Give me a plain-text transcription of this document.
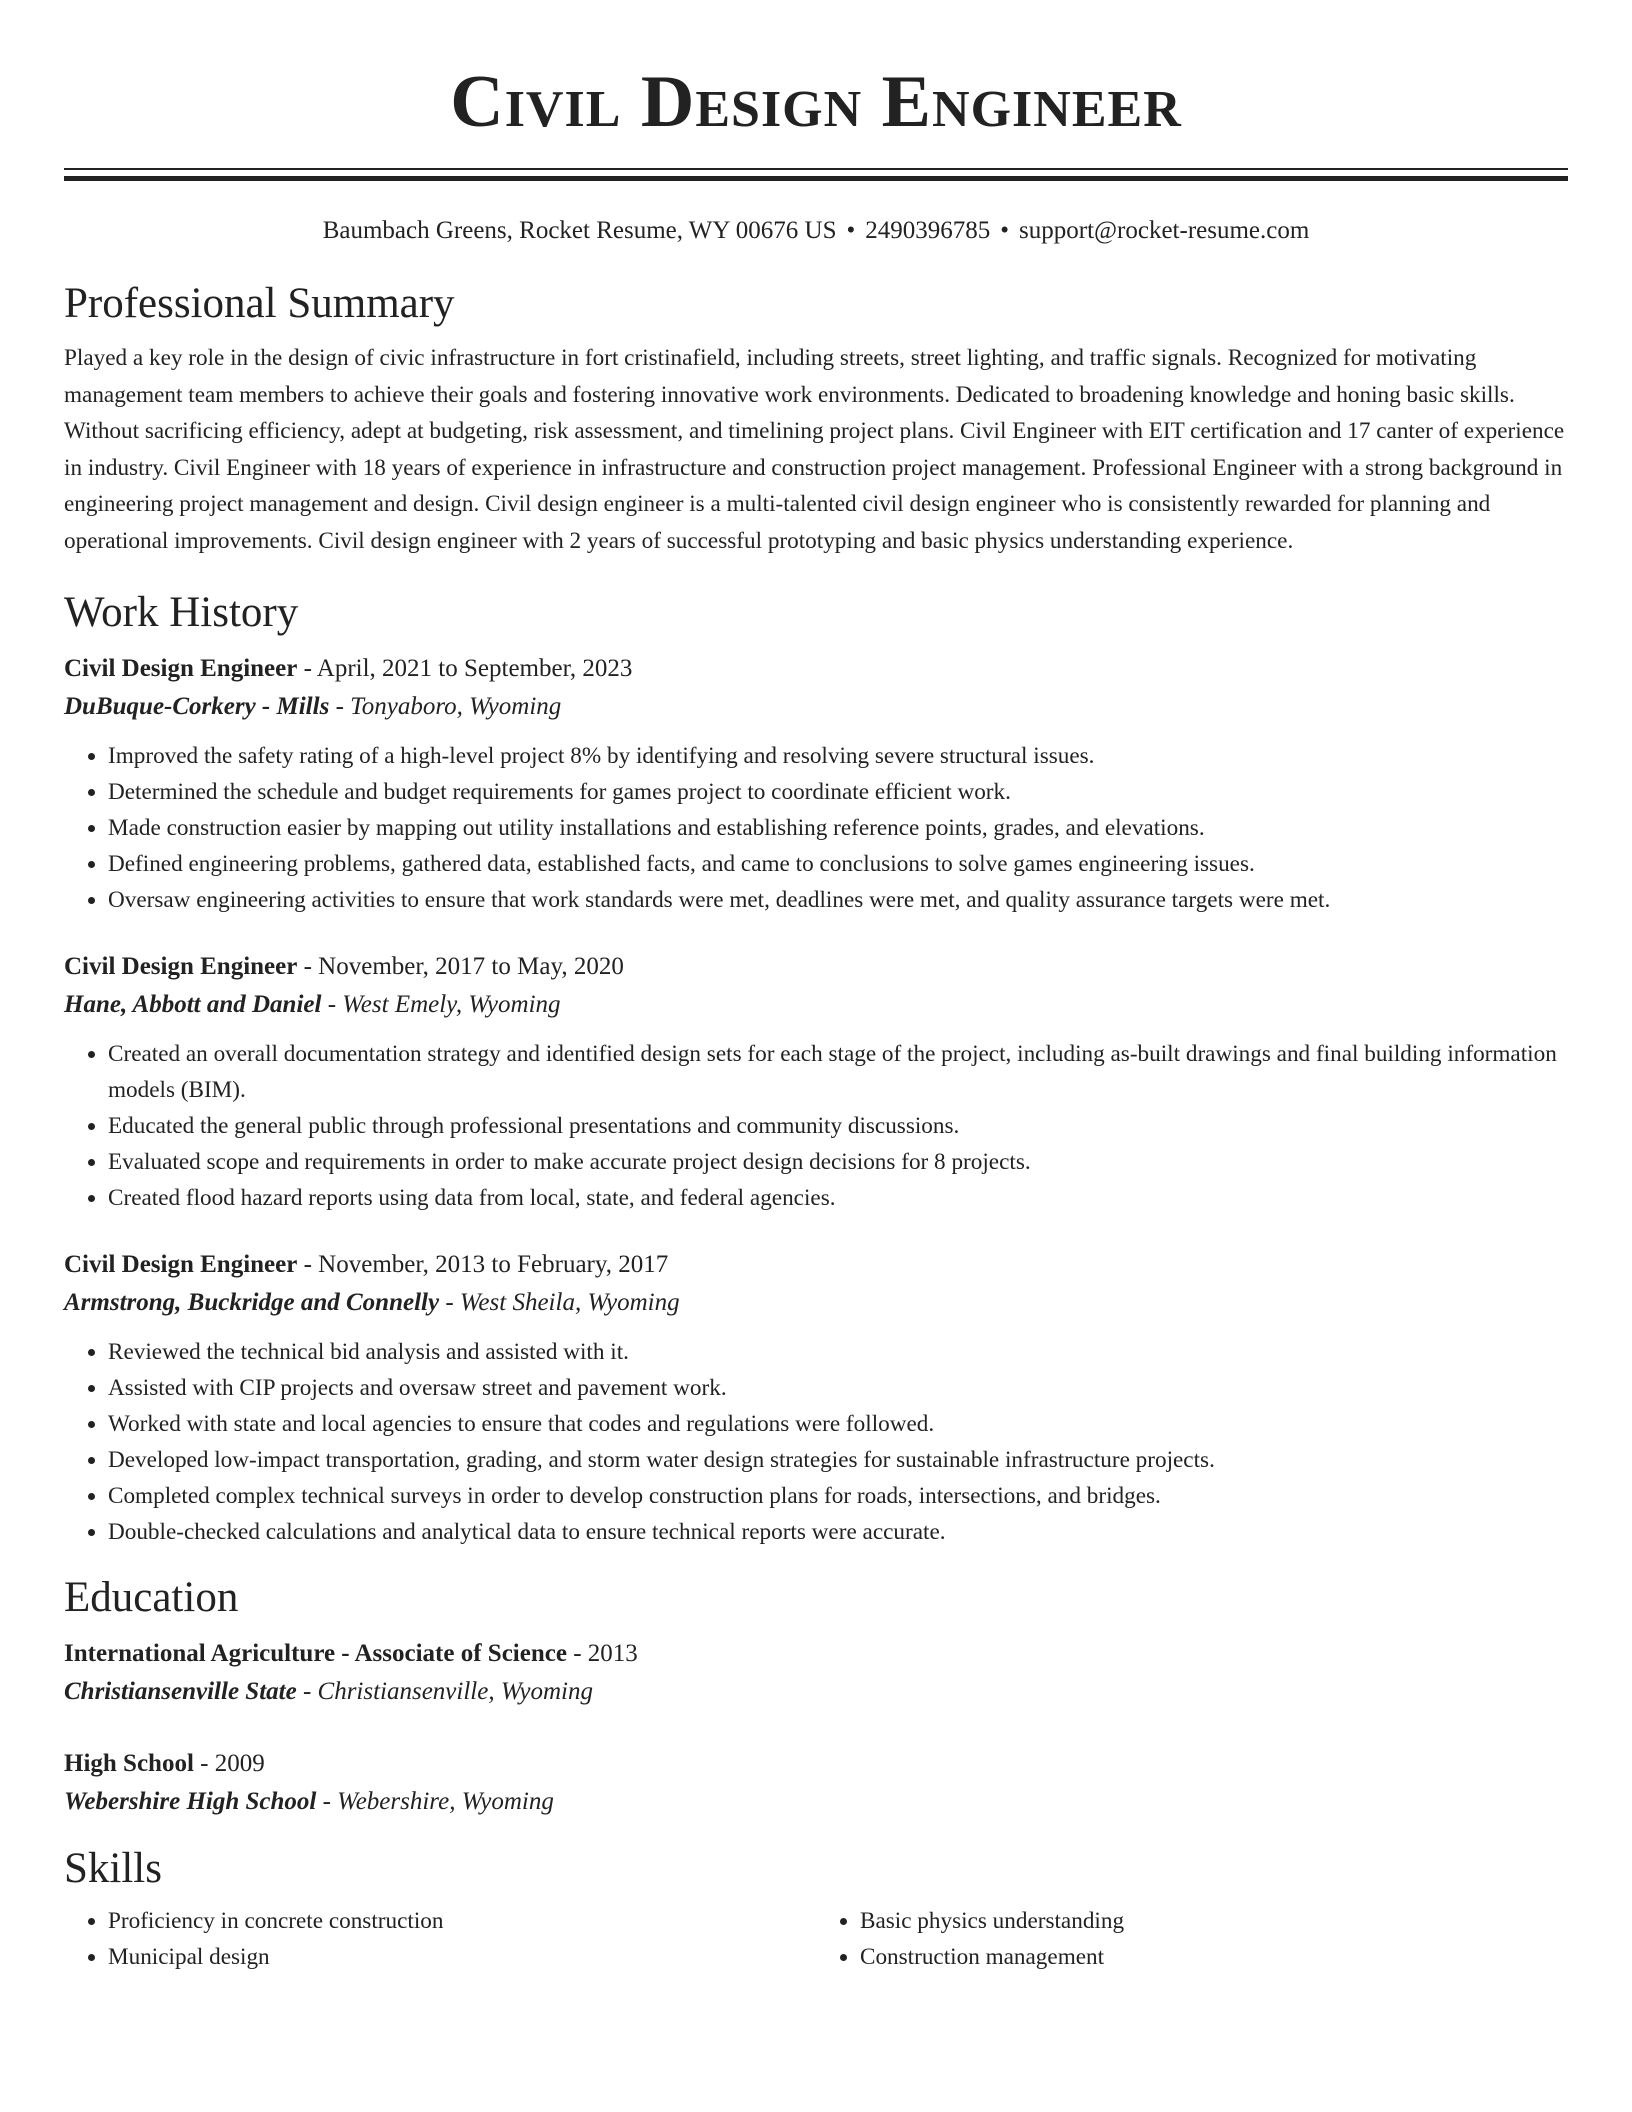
Civil Design Engineer
Baumbach Greens, Rocket Resume, WY 00676 US • 2490396785 • support@rocket-resume.com
Professional Summary

Played a key role in the design of civic infrastructure in fort cristinafield, including streets, street lighting, and traffic signals. Recognized for motivating management team members to achieve their goals and fostering innovative work environments. Dedicated to broadening knowledge and honing basic skills. Without sacrificing efficiency, adept at budgeting, risk assessment, and timelining project plans. Civil Engineer with EIT certification and 17 canter of experience in industry. Civil Engineer with 18 years of experience in infrastructure and construction project management. Professional Engineer with a strong background in engineering project management and design. Civil design engineer is a multi-talented civil design engineer who is consistently rewarded for planning and operational improvements. Civil design engineer with 2 years of successful prototyping and basic physics understanding experience.

Work History
Civil Design Engineer - April, 2021 to September, 2023
DuBuque-Corkery - Mills - Tonyaboro, Wyoming
• Improved the safety rating of a high-level project 8% by identifying and resolving severe structural issues.
• Determined the schedule and budget requirements for games project to coordinate efficient work.
• Made construction easier by mapping out utility installations and establishing reference points, grades, and elevations.
• Defined engineering problems, gathered data, established facts, and came to conclusions to solve games engineering issues.
• Oversaw engineering activities to ensure that work standards were met, deadlines were met, and quality assurance targets were met.
Civil Design Engineer - November, 2017 to May, 2020
Hane, Abbott and Daniel - West Emely, Wyoming
• Created an overall documentation strategy and identified design sets for each stage of the project, including as-built drawings and final building information models (BIM).
• Educated the general public through professional presentations and community discussions.
• Evaluated scope and requirements in order to make accurate project design decisions for 8 projects.
• Created flood hazard reports using data from local, state, and federal agencies.
Civil Design Engineer - November, 2013 to February, 2017
Armstrong, Buckridge and Connelly - West Sheila, Wyoming
• Reviewed the technical bid analysis and assisted with it.
• Assisted with CIP projects and oversaw street and pavement work.
• Worked with state and local agencies to ensure that codes and regulations were followed.
• Developed low-impact transportation, grading, and storm water design strategies for sustainable infrastructure projects.
• Completed complex technical surveys in order to develop construction plans for roads, intersections, and bridges.
• Double-checked calculations and analytical data to ensure technical reports were accurate.
Education
International Agriculture - Associate of Science - 2013
Christiansenville State - Christiansenville, Wyoming
High School - 2009
Webershire High School - Webershire, Wyoming
Skills
• Proficiency in concrete construction
• Municipal design
• Basic physics understanding
• Construction management
